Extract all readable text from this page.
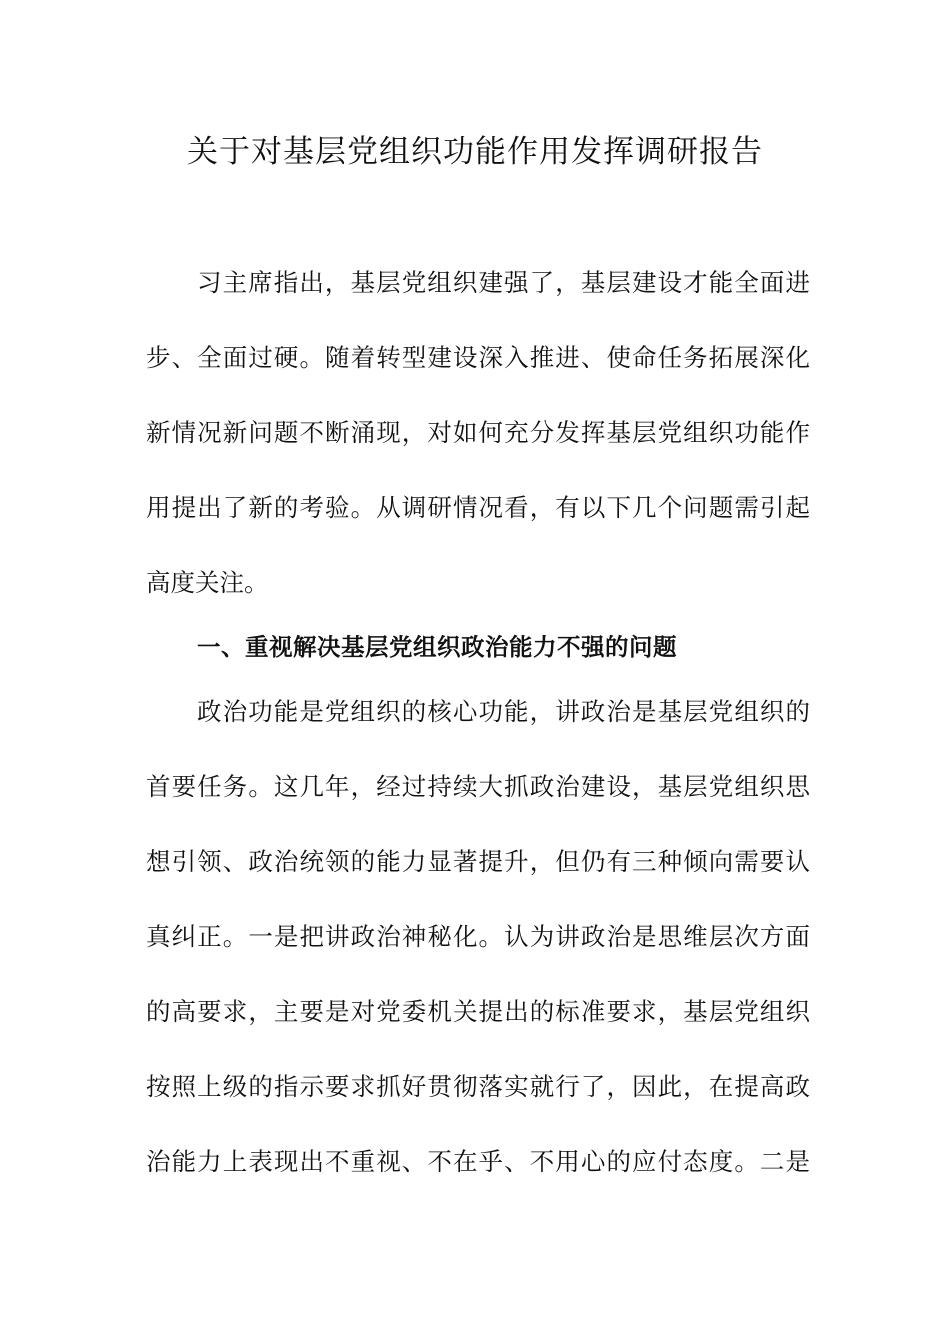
关于对基层党组织功能作用发挥调研报告
习主席指出，基层党组织建强了，基层建设才能全面进
步、全面过硬。随着转型建设深入推进、使命任务拓展深化
新情况新问题不断涌现，对如何充分发挥基层党组织功能作
用提出了新的考验。从调研情况看，有以下几个问题需引起
高度关注。
一、重视解决基层党组织政治能力不强的问题
政治功能是党组织的核心功能，讲政治是基层党组织的
首要任务。这几年，经过持续大抓政治建设，基层党组织思
想引领、政治统领的能力显著提升，但仍有三种倾向需要认
真纠正。一是把讲政治神秘化。认为讲政治是思维层次方面
的高要求，主要是对党委机关提出的标准要求，基层党组织
按照上级的指示要求抓好贯彻落实就行了，因此，在提高政
治能力上表现出不重视、不在乎、不用心的应付态度。二是
